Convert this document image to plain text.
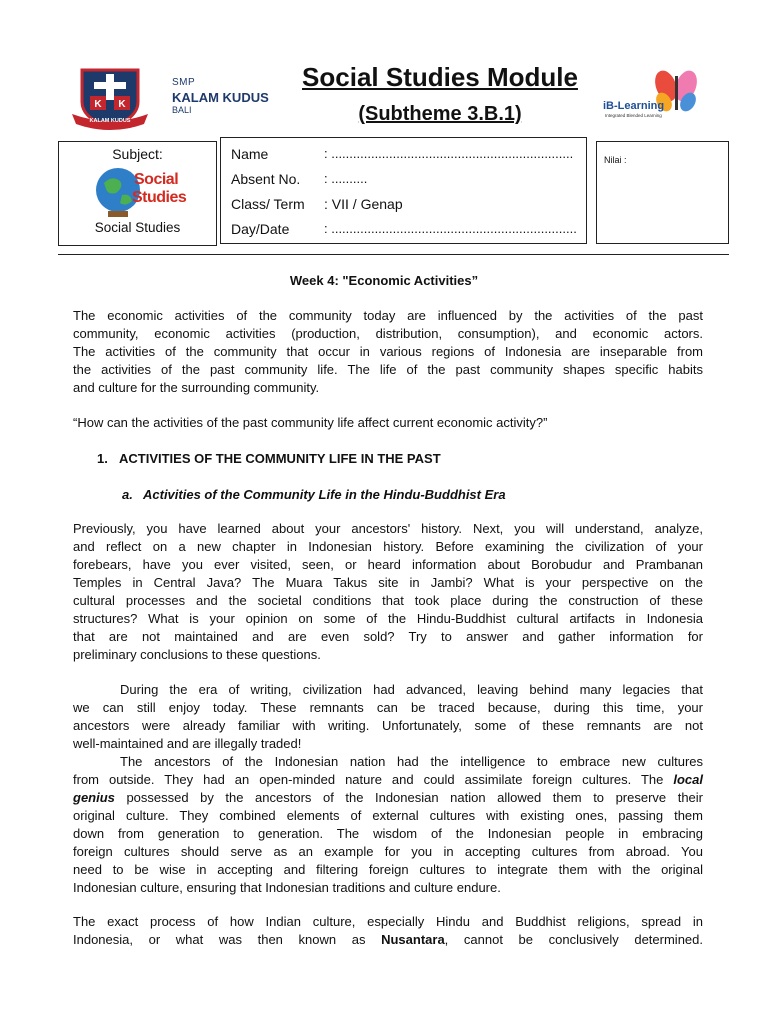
K K
KALAM KUDUS
SMP
KALAM KUDUS
BALI
Social Studies Module
(Subtheme 3.B.1)	iB-Learning
Integrated Blended Learning
Subject:
Social
Studies
Social Studies
Name	: ...................................................................
Absent No. : ..........
Class/ Term : VII / Genap
Day/Date	: ....................................................................
Nilai :
Week 4: "Economic Activities”
The economic activities of the community today are influenced by the activities of the past
community, economic activities (production, distribution, consumption), and economic actors.
The activities of the community that occur in various regions of Indonesia are inseparable from
the activities of the past community life. The life of the past community shapes specific habits
and culture for the surrounding community.
“How can the activities of the past community life affect current economic activity?”
1. ACTIVITIES OF THE COMMUNITY LIFE IN THE PAST
a. Activities of the Community Life in the Hindu-Buddhist Era
Previously, you have learned about your ancestors' history. Next, you will understand, analyze,
and reflect on a new chapter in Indonesian history. Before examining the civilization of your
forebears, have you ever visited, seen, or heard information about Borobudur and Prambanan
Temples in Central Java? The Muara Takus site in Jambi? What is your perspective on the
cultural processes and the societal conditions that took place during the construction of these
structures? What is your opinion on some of the Hindu-Buddhist cultural artifacts in Indonesia
that are not maintained and are even sold? Try to answer and gather information for
preliminary conclusions to these questions.
During the era of writing, civilization had advanced, leaving behind many legacies that
we can still enjoy today. These remnants can be traced because, during this time, your
ancestors were already familiar with writing. Unfortunately, some of these remnants are not
well-maintained and are illegally traded!
The ancestors of the Indonesian nation had the intelligence to embrace new cultures
from outside. They had an open-minded nature and could assimilate foreign cultures. The local
genius possessed by the ancestors of the Indonesian nation allowed them to preserve their
original culture. They combined elements of external cultures with existing ones, passing them
down from generation to generation. The wisdom of the Indonesian people in embracing
foreign cultures should serve as an example for you in accepting cultures from abroad. You
need to be wise in accepting and filtering foreign cultures to integrate them with the original
Indonesian culture, ensuring that Indonesian traditions and culture endure.
The exact process of how Indian culture, especially Hindu and Buddhist religions, spread in
Indonesia, or what was then known as Nusantara, cannot be conclusively determined.
